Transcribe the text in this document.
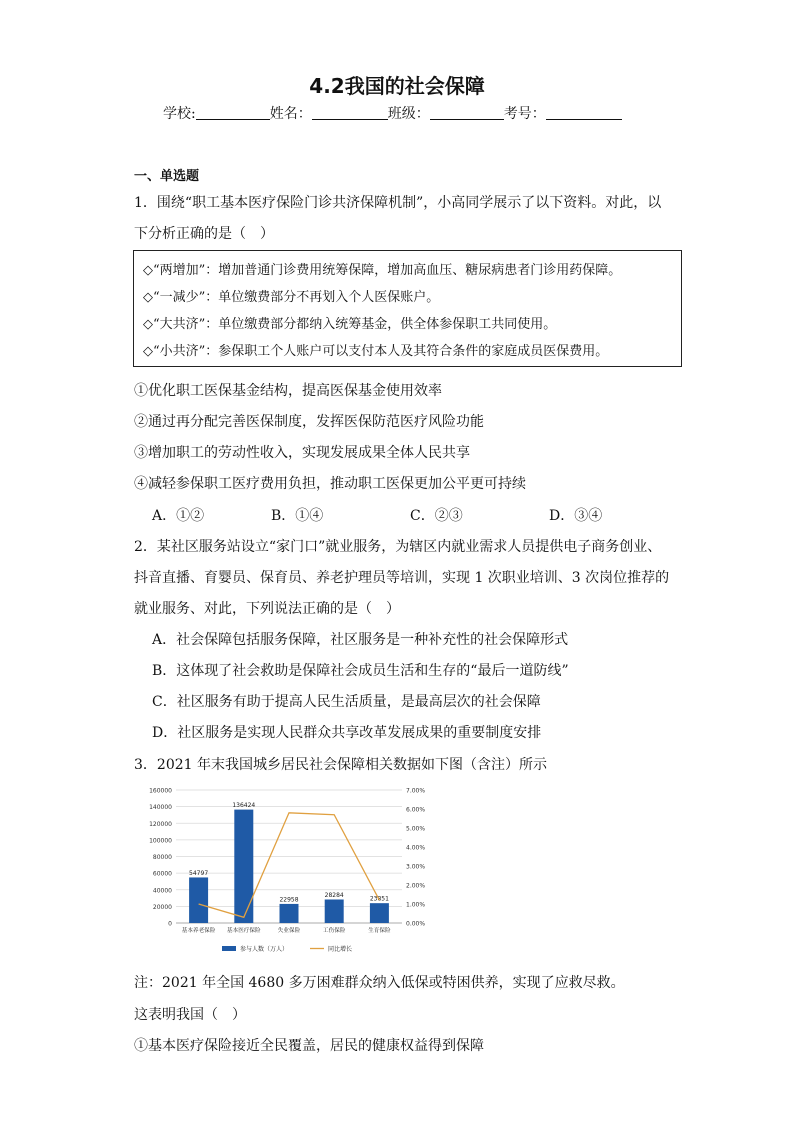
4.2我国的社会保障
学校:	姓名：	班级：	考号：
一、单选题
1．围绕“职工基本医疗保险门诊共济保障机制”，小高同学展示了以下资料。对此，以
下分析正确的是（　）
◇“两增加”：增加普通门诊费用统筹保障，增加高血压、糖尿病患者门诊用药保障。
◇“一减少”：单位缴费部分不再划入个人医保账户。
◇“大共济”：单位缴费部分都纳入统筹基金，供全体参保职工共同使用。
◇“小共济”：参保职工个人账户可以支付本人及其符合条件的家庭成员医保费用。
①优化职工医保基金结构，提高医保基金使用效率
②通过再分配完善医保制度，发挥医保防范医疗风险功能
③增加职工的劳动性收入，实现发展成果全体人民共享
④减轻参保职工医疗费用负担，推动职工医保更加公平更可持续
A．①②	B．①④	C．②③	D．③④
2．某社区服务站设立“家门口”就业服务，为辖区内就业需求人员提供电子商务创业、
抖音直播、育婴员、保育员、养老护理员等培训，实现 1 次职业培训、3 次岗位推荐的
就业服务、对此，下列说法正确的是（　）
A．社会保障包括服务保障，社区服务是一种补充性的社会保障形式
B．这体现了社会救助是保障社会成员生活和生存的“最后一道防线”
C．社区服务有助于提高人民生活质量，是最高层次的社会保障
D．社区服务是实现人民群众共享改革发展成果的重要制度安排
3．2021 年末我国城乡居民社会保障相关数据如下图（含注）所示
0
20000
40000
60000
80000
100000
120000
140000
160000
0.00%
1.00%
2.00%
3.00%
4.00%
5.00%
6.00%
7.00%
54797
基本养老保险
136424
基本医疗保险
22958
失业保险
28284
工伤保险
23851
生育保险
参与人数（万人）	同比增长
注：2021 年全国 4680 多万困难群众纳入低保或特困供养，实现了应救尽救。
这表明我国（　）
①基本医疗保险接近全民覆盖，居民的健康权益得到保障
